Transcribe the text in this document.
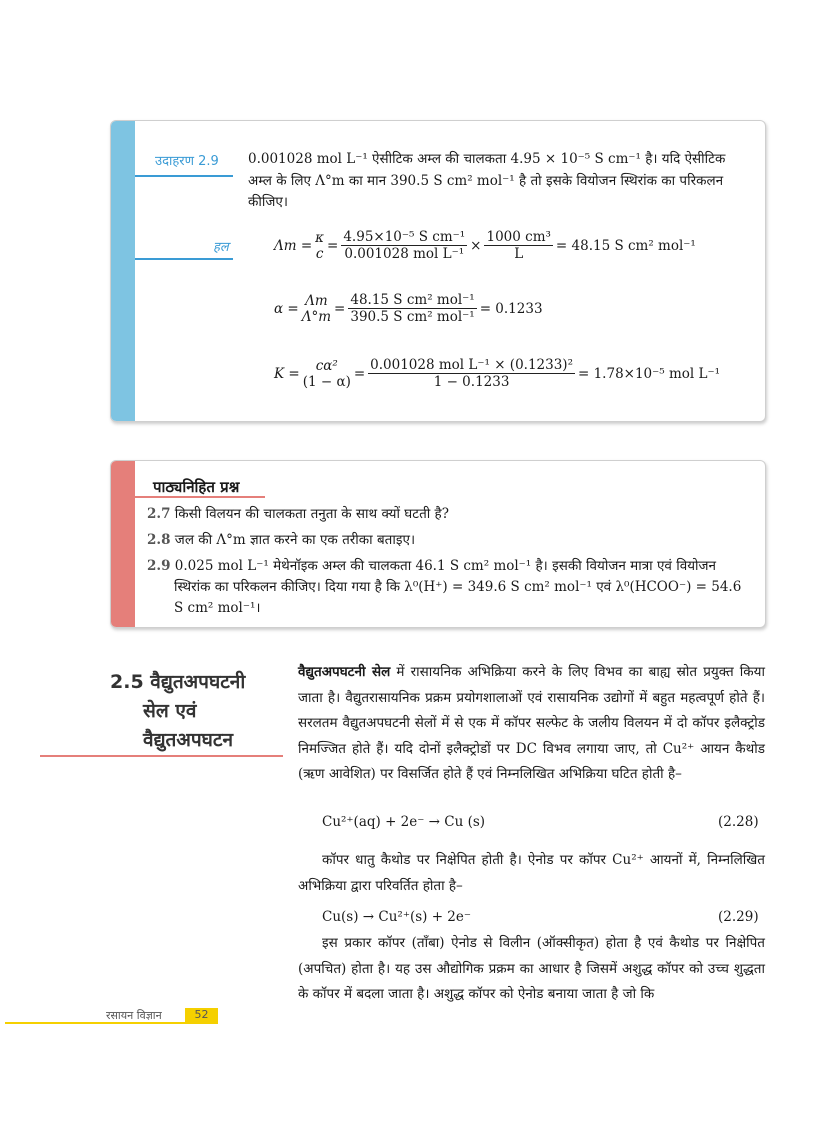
उदाहरण 2.9 0.001028 mol L⁻¹ ऐसीटिक अम्ल की चालकता 4.95 × 10⁻⁵ S cm⁻¹ है। यदि ऐसीटिक
अम्ल के लिए Λ°m का मान 390.5 S cm² mol⁻¹ है तो इसके वियोजन स्थिरांक का परिकलन
कीजिए।
हल	Λm = κ
$c = \frac{\text{4.95×10⁻⁵ S cm⁻¹}}{\text{0.001028 mol L⁻¹}} \times \frac{\text{1000 cm³}}{L} = 48.15$ S cm² mol⁻¹
α = Λm
$\Lambda^\circ m = \frac{\text{48.15 S cm² mol⁻¹}}{\text{390.5 S cm² mol⁻¹}} = 0.1233$
K = cα²
$(1 - \alpha) = \frac{\text{0.001028 mol L⁻¹ × (0.1233)²}}{1 - 0.1233} = 1.78\times 10^{-5}$ mol L⁻¹
पाठ्यनिहित प्रश्न
2.7 किसी विलयन की चालकता तनुता के साथ क्यों घटती है?
2.8 जल की Λ°m ज्ञात करने का एक तरीका बताइए।
2.9 0.025 mol L⁻¹ मेथेनॉइक अम्ल की चालकता 46.1 S cm² mol⁻¹ है। इसकी वियोजन मात्रा एवं वियोजन
स्थिरांक का परिकलन कीजिए। दिया गया है कि λ⁰(H⁺) = 349.6 S cm² mol⁻¹ एवं λ⁰(HCOO⁻) = 54.6
S cm² mol⁻¹।
2.5 वैद्युतअपघटनी
सेल एवं
वैद्युतअपघटन
वैद्युतअपघटनी सेल में रासायनिक अभिक्रिया करने के लिए विभव का बाह्य स्रोत प्रयुक्त किया जाता है। वैद्युतरासायनिक प्रक्रम प्रयोगशालाओं एवं रासायनिक उद्योगों में बहुत महत्वपूर्ण होते हैं। सरलतम वैद्युतअपघटनी सेलों में से एक में कॉपर सल्फेट के जलीय विलयन में दो कॉपर इलैक्ट्रोड निमज्जित होते हैं। यदि दोनों इलैक्ट्रोडों पर DC विभव लगाया जाए, तो Cu²⁺ आयन कैथोड (ऋण आवेशित) पर विसर्जित होते हैं एवं निम्नलिखित अभिक्रिया घटित होती है–
Cu²⁺(aq) + 2e⁻ → Cu (s)	(2.28)
कॉपर धातु कैथोड पर निक्षेपित होती है। ऐनोड पर कॉपर Cu²⁺ आयनों में, निम्नलिखित अभिक्रिया द्वारा परिवर्तित होता है–
Cu(s) → Cu²⁺(s) + 2e⁻	(2.29)
इस प्रकार कॉपर (ताँबा) ऐनोड से विलीन (ऑक्सीकृत) होता है एवं कैथोड पर निक्षेपित (अपचित) होता है। यह उस औद्योगिक प्रक्रम का आधार है जिसमें अशुद्ध कॉपर को उच्च शुद्धता के कॉपर में बदला जाता है। अशुद्ध कॉपर को ऐनोड बनाया जाता है जो कि
रसायन विज्ञान	52
